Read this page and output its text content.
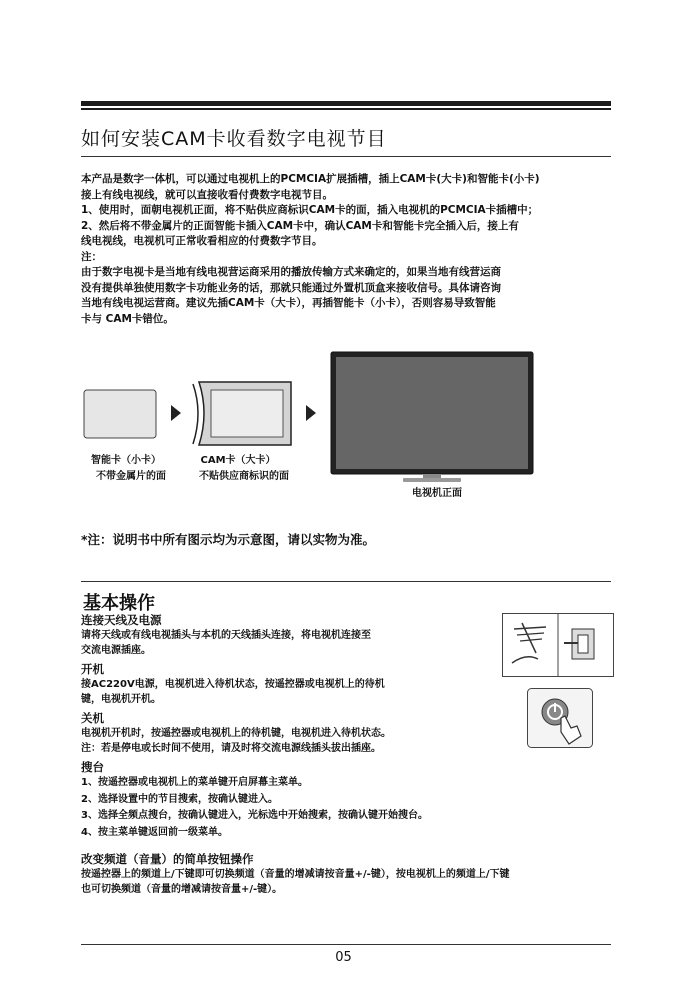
如何安装CAM卡收看数字电视节目
本产品是数字一体机，可以通过电视机上的PCMCIA扩展插槽，插上CAM卡(大卡)和智能卡(小卡)
接上有线电视线，就可以直接收看付费数字电视节目。
1、使用时，面朝电视机正面，将不贴供应商标识CAM卡的面，插入电视机的PCMCIA卡插槽中；
2、然后将不带金属片的正面智能卡插入CAM卡中，确认CAM卡和智能卡完全插入后，接上有
线电视线，电视机可正常收看相应的付费数字节目。
注：
由于数字电视卡是当地有线电视营运商采用的播放传输方式来确定的，如果当地有线营运商
没有提供单独使用数字卡功能业务的话，那就只能通过外置机顶盒来接收信号。具体请咨询
当地有线电视运营商。建议先插CAM卡（大卡），再插智能卡（小卡），否则容易导致智能
卡与 CAM卡错位。
智能卡（小卡）
不带金属片的面
CAM卡（大卡）
不贴供应商标识的面
电视机正面
*注：说明书中所有图示均为示意图，请以实物为准。
基本操作
连接天线及电源
请将天线或有线电视插头与本机的天线插头连接，将电视机连接至
交流电源插座。
开机
接AC220V电源，电视机进入待机状态，按遥控器或电视机上的待机
键，电视机开机。
关机
电视机开机时，按遥控器或电视机上的待机键，电视机进入待机状态。
注：若是停电或长时间不使用，请及时将交流电源线插头拔出插座。
搜台
1、按遥控器或电视机上的菜单键开启屏幕主菜单。
2、选择设置中的节目搜索，按确认键进入。
3、选择全频点搜台，按确认键进入，光标选中开始搜索，按确认键开始搜台。
4、按主菜单键返回前一级菜单。
改变频道（音量）的简单按钮操作
按遥控器上的频道上/下键即可切换频道（音量的增减请按音量+/-键），按电视机上的频道上/下键
也可切换频道（音量的增减请按音量+/-键）。
05
